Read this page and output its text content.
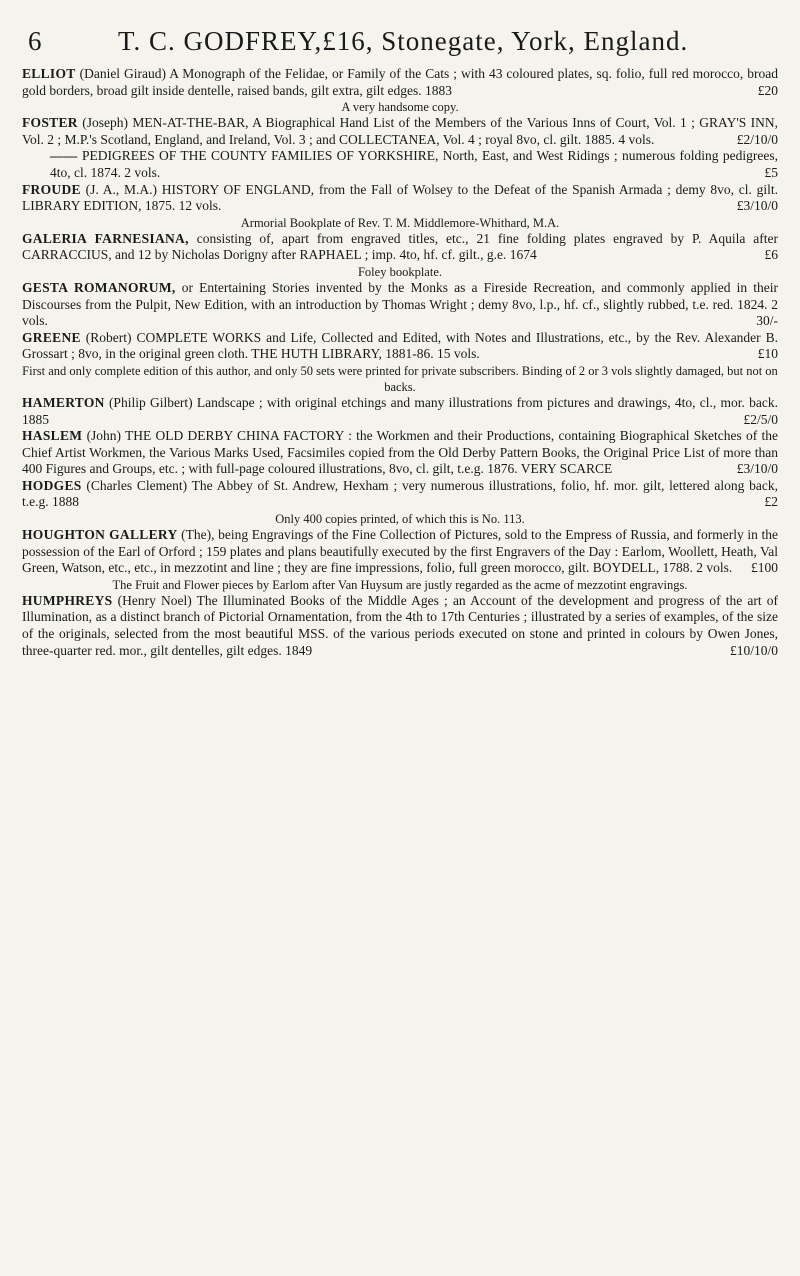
6	T. C. GODFREY,£16, Stonegate, York, England.

ELLIOT (Daniel Giraud) A Monograph of the Felidae, or Family of the Cats ; with 43 coloured plates, sq. folio, full red morocco, broad gold borders, broad gilt inside dentelle, raised bands, gilt extra, gilt edges. 1883	£20

A very handsome copy.

FOSTER (Joseph) MEN-AT-THE-BAR, A Biographical Hand List of the Members of the Various Inns of Court, Vol. 1 ; GRAY'S INN, Vol. 2 ; M.P.'s Scotland, England, and Ireland, Vol. 3 ; and COLLECTANEA, Vol. 4 ; royal 8vo, cl. gilt. 1885. 4 vols.	£2/10/0

—— PEDIGREES OF THE COUNTY FAMILIES OF YORKSHIRE, North, East, and West Ridings ; numerous folding pedigrees, 4to, cl. 1874. 2 vols.	£5

FROUDE (J. A., M.A.) HISTORY OF ENGLAND, from the Fall of Wolsey to the Defeat of the Spanish Armada ; demy 8vo, cl. gilt. LIBRARY EDITION, 1875. 12 vols.	£3/10/0

Armorial Bookplate of Rev. T. M. Middlemore-Whithard, M.A.

GALERIA FARNESIANA, consisting of, apart from engraved titles, etc., 21 fine folding plates engraved by P. Aquila after CARRACCIUS, and 12 by Nicholas Dorigny after RAPHAEL ; imp. 4to, hf. cf. gilt., g.e. 1674	£6

Foley bookplate.

GESTA ROMANORUM, or Entertaining Stories invented by the Monks as a Fireside Recreation, and commonly applied in their Discourses from the Pulpit, New Edition, with an introduction by Thomas Wright ; demy 8vo, l.p., hf. cf., slightly rubbed, t.e. red. 1824. 2 vols.	30/-

GREENE (Robert) COMPLETE WORKS and Life, Collected and Edited, with Notes and Illustrations, etc., by the Rev. Alexander B. Grossart ; 8vo, in the original green cloth. THE HUTH LIBRARY, 1881-86. 15 vols.	£10

First and only complete edition of this author, and only 50 sets were printed for private subscribers. Binding of 2 or 3 vols slightly damaged, but not on backs.

HAMERTON (Philip Gilbert) Landscape ; with original etchings and many illustrations from pictures and drawings, 4to, cl., mor. back. 1885	£2/5/0

HASLEM (John) THE OLD DERBY CHINA FACTORY : the Workmen and their Productions, containing Biographical Sketches of the Chief Artist Workmen, the Various Marks Used, Facsimiles copied from the Old Derby Pattern Books, the Original Price List of more than 400 Figures and Groups, etc. ; with full-page coloured illustrations, 8vo, cl. gilt, t.e.g. 1876. VERY SCARCE	£3/10/0

HODGES (Charles Clement) The Abbey of St. Andrew, Hexham ; very numerous illustrations, folio, hf. mor. gilt, lettered along back, t.e.g. 1888	£2

Only 400 copies printed, of which this is No. 113.

HOUGHTON GALLERY (The), being Engravings of the Fine Collection of Pictures, sold to the Empress of Russia, and formerly in the possession of the Earl of Orford ; 159 plates and plans beautifully executed by the first Engravers of the Day : Earlom, Woollett, Heath, Val Green, Watson, etc., etc., in mezzotint and line ; they are fine impressions, folio, full green morocco, gilt. BOYDELL, 1788. 2 vols.	£100

The Fruit and Flower pieces by Earlom after Van Huysum are justly regarded as the acme of mezzotint engravings.

HUMPHREYS (Henry Noel) The Illuminated Books of the Middle Ages ; an Account of the development and progress of the art of Illumination, as a distinct branch of Pictorial Ornamentation, from the 4th to 17th Centuries ; illustrated by a series of examples, of the size of the originals, selected from the most beautiful MSS. of the various periods executed on stone and printed in colours by Owen Jones, three-quarter red. mor., gilt dentelles, gilt edges. 1849	£10/10/0
